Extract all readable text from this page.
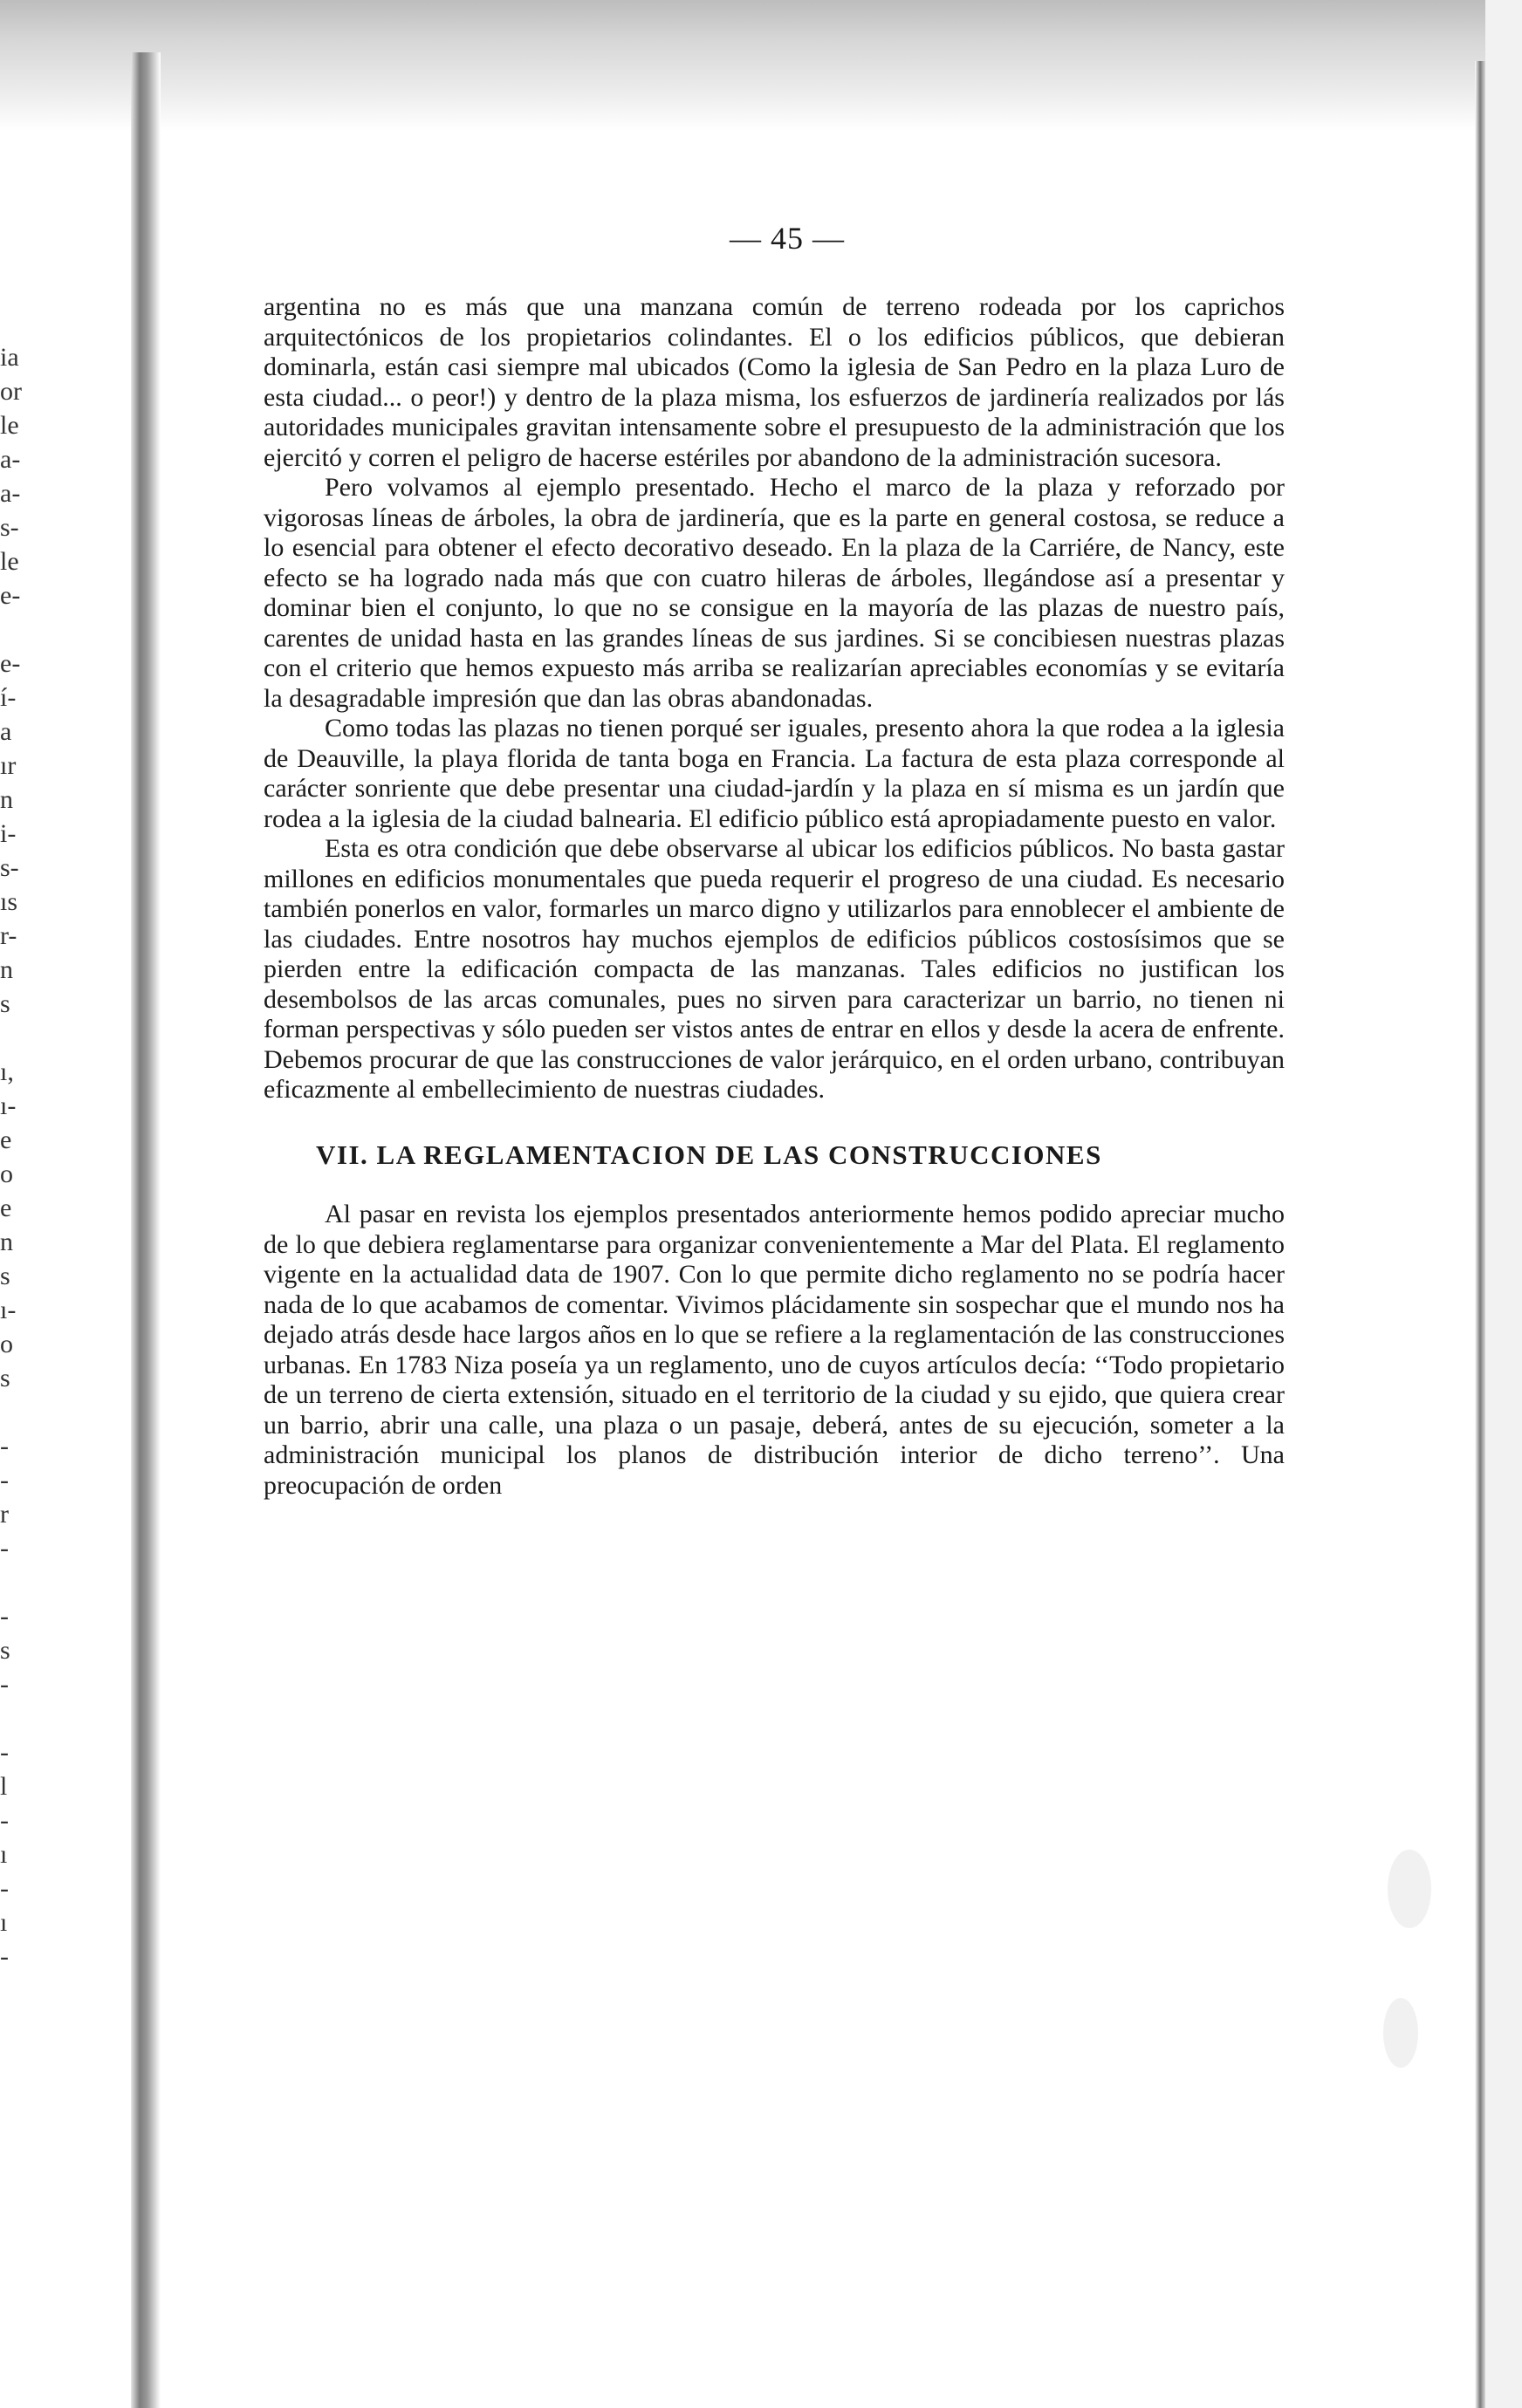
ia
or
le
a-
a-
s-
le
e-
e-
í-
a
ır
n
i-
s-
ıs
r-
n
s
ı,
ı-
e
o
e
n
s
ı-
o
s
-
-
r
-
-
s
-
-
l
-
ı
-
ı
-
— 45 —

argentina no es más que una manzana común de terreno rodeada por los caprichos arquitectónicos de los propietarios colindantes. El o los edificios públicos, que debieran dominarla, están casi siempre mal ubicados (Como la iglesia de San Pedro en la plaza Luro de esta ciudad... o peor!) y dentro de la plaza misma, los esfuerzos de jardinería realizados por lás autoridades municipales gravitan intensamente sobre el presupuesto de la administración que los ejercitó y corren el peligro de hacerse estériles por abandono de la administración sucesora.

Pero volvamos al ejemplo presentado. Hecho el marco de la plaza y reforzado por vigorosas líneas de árboles, la obra de jardinería, que es la parte en general costosa, se reduce a lo esencial para obtener el efecto decorativo deseado. En la plaza de la Carriére, de Nancy, este efecto se ha logrado nada más que con cuatro hileras de árboles, llegándose así a presentar y dominar bien el conjunto, lo que no se consigue en la mayoría de las plazas de nuestro país, carentes de unidad hasta en las grandes líneas de sus jardines. Si se concibiesen nuestras plazas con el criterio que hemos expuesto más arriba se realizarían apreciables economías y se evitaría la desagradable impresión que dan las obras abandonadas.

Como todas las plazas no tienen porqué ser iguales, presento ahora la que rodea a la iglesia de Deauville, la playa florida de tanta boga en Francia. La factura de esta plaza corresponde al carácter sonriente que debe presentar una ciudad-jardín y la plaza en sí misma es un jardín que rodea a la iglesia de la ciudad balnearia. El edificio público está apropiadamente puesto en valor.

Esta es otra condición que debe observarse al ubicar los edificios públicos. No basta gastar millones en edificios monumentales que pueda requerir el progreso de una ciudad. Es necesario también ponerlos en valor, formarles un marco digno y utilizarlos para ennoblecer el ambiente de las ciudades. Entre nosotros hay muchos ejemplos de edificios públicos costosísimos que se pierden entre la edificación compacta de las manzanas. Tales edificios no justifican los desembolsos de las arcas comunales, pues no sirven para caracterizar un barrio, no tienen ni forman perspectivas y sólo pueden ser vistos antes de entrar en ellos y desde la acera de enfrente. Debemos procurar de que las construcciones de valor jerárquico, en el orden urbano, contribuyan eficazmente al embellecimiento de nuestras ciudades.

VII. LA REGLAMENTACION DE LAS CONSTRUCCIONES

Al pasar en revista los ejemplos presentados anteriormente hemos podido apreciar mucho de lo que debiera reglamentarse para organizar convenientemente a Mar del Plata. El reglamento vigente en la actualidad data de 1907. Con lo que permite dicho reglamento no se podría hacer nada de lo que acabamos de comentar. Vivimos plácidamente sin sospechar que el mundo nos ha dejado atrás desde hace largos años en lo que se refiere a la reglamentación de las construcciones urbanas. En 1783 Niza poseía ya un reglamento, uno de cuyos artículos decía: ‘‘Todo propietario de un terreno de cierta extensión, situado en el territorio de la ciudad y su ejido, que quiera crear un barrio, abrir una calle, una plaza o un pasaje, deberá, antes de su ejecución, someter a la administración municipal los planos de distribución interior de dicho terreno’’. Una preocupación de orden
